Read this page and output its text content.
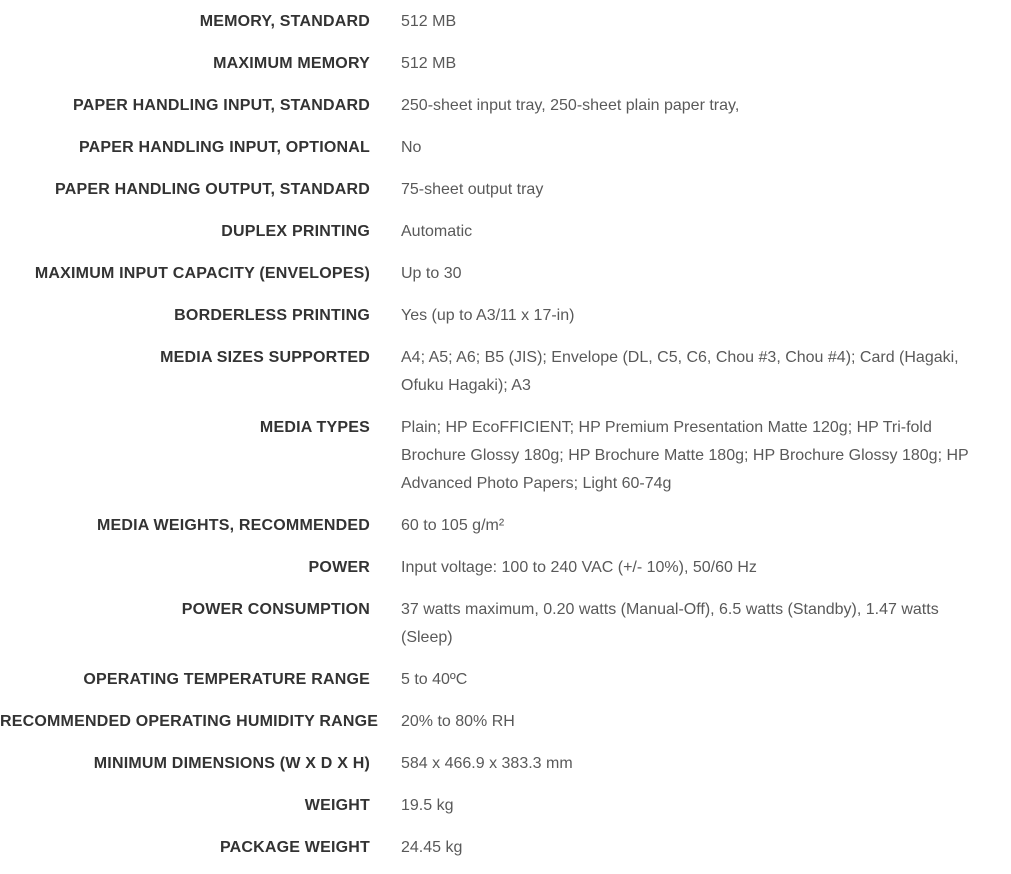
MEMORY, STANDARD 512 MB
MAXIMUM MEMORY 512 MB
PAPER HANDLING INPUT, STANDARD 250-sheet input tray, 250-sheet plain paper tray,
PAPER HANDLING INPUT, OPTIONAL No
PAPER HANDLING OUTPUT, STANDARD 75-sheet output tray
DUPLEX PRINTING Automatic
MAXIMUM INPUT CAPACITY (ENVELOPES) Up to 30
BORDERLESS PRINTING Yes (up to A3/11 x 17-in)
MEDIA SIZES SUPPORTED A4; A5; A6; B5 (JIS); Envelope (DL, C5, C6, Chou #3, Chou #4); Card (Hagaki, Ofuku Hagaki); A3
MEDIA TYPES Plain; HP EcoFFICIENT; HP Premium Presentation Matte 120g; HP Tri-fold Brochure Glossy 180g; HP Brochure Matte 180g; HP Brochure Glossy 180g; HP Advanced Photo Papers; Light 60-74g
MEDIA WEIGHTS, RECOMMENDED 60 to 105 g/m²
POWER Input voltage: 100 to 240 VAC (+/- 10%), 50/60 Hz
POWER CONSUMPTION 37 watts maximum, 0.20 watts (Manual-Off), 6.5 watts (Standby), 1.47 watts (Sleep)
OPERATING TEMPERATURE RANGE 5 to 40ºC
RECOMMENDED OPERATING HUMIDITY RANGE 20% to 80% RH
MINIMUM DIMENSIONS (W X D X H) 584 x 466.9 x 383.3 mm
WEIGHT 19.5 kg
PACKAGE WEIGHT 24.45 kg
